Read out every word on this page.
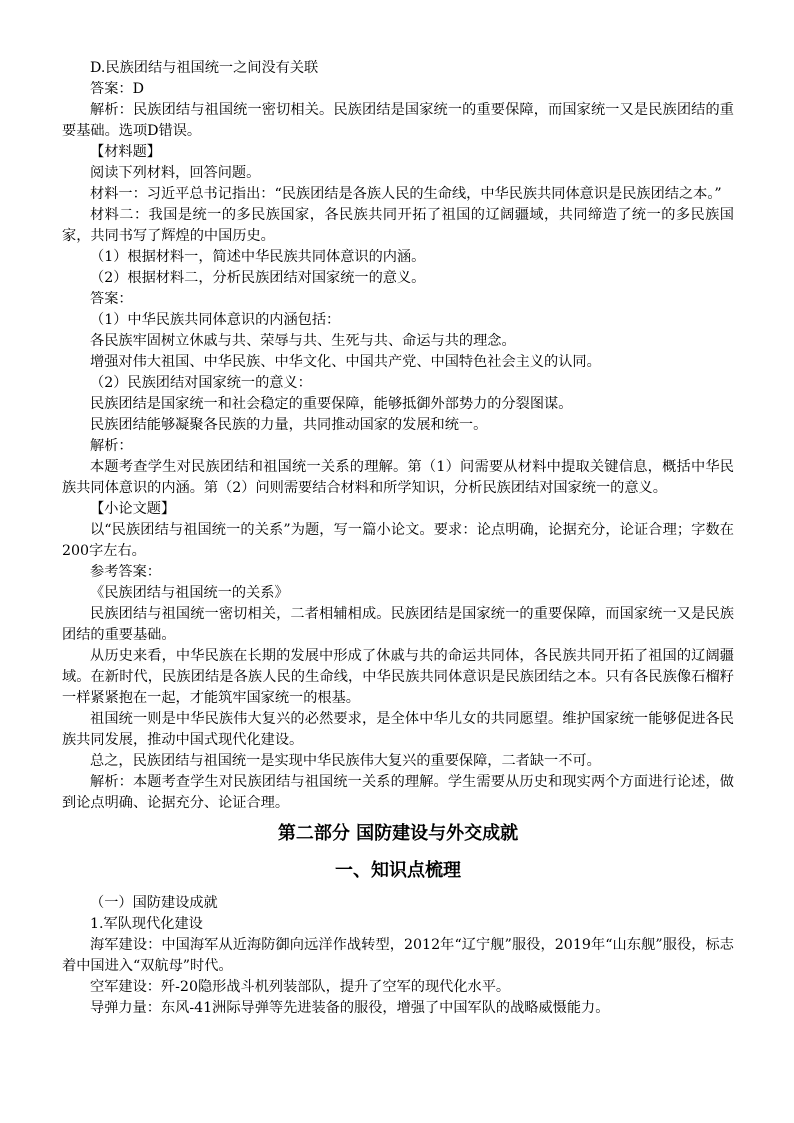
D.民族团结与祖国统一之间没有关联

答案：D

解析：民族团结与祖国统一密切相关。民族团结是国家统一的重要保障，而国家统一又是民族团结的重要基础。选项D错误。

【材料题】

阅读下列材料，回答问题。

材料一：习近平总书记指出：“民族团结是各族人民的生命线，中华民族共同体意识是民族团结之本。”

材料二：我国是统一的多民族国家，各民族共同开拓了祖国的辽阔疆域，共同缔造了统一的多民族国家，共同书写了辉煌的中国历史。

（1）根据材料一，简述中华民族共同体意识的内涵。

（2）根据材料二，分析民族团结对国家统一的意义。

答案：

（1）中华民族共同体意识的内涵包括：

各民族牢固树立休戚与共、荣辱与共、生死与共、命运与共的理念。

增强对伟大祖国、中华民族、中华文化、中国共产党、中国特色社会主义的认同。

（2）民族团结对国家统一的意义：

民族团结是国家统一和社会稳定的重要保障，能够抵御外部势力的分裂图谋。

民族团结能够凝聚各民族的力量，共同推动国家的发展和统一。

解析：

本题考查学生对民族团结和祖国统一关系的理解。第（1）问需要从材料中提取关键信息，概括中华民族共同体意识的内涵。第（2）问则需要结合材料和所学知识，分析民族团结对国家统一的意义。

【小论文题】

以“民族团结与祖国统一的关系”为题，写一篇小论文。要求：论点明确，论据充分，论证合理；字数在200字左右。

参考答案：

《民族团结与祖国统一的关系》

民族团结与祖国统一密切相关，二者相辅相成。民族团结是国家统一的重要保障，而国家统一又是民族团结的重要基础。

从历史来看，中华民族在长期的发展中形成了休戚与共的命运共同体，各民族共同开拓了祖国的辽阔疆域。在新时代，民族团结是各族人民的生命线，中华民族共同体意识是民族团结之本。只有各民族像石榴籽一样紧紧抱在一起，才能筑牢国家统一的根基。

祖国统一则是中华民族伟大复兴的必然要求，是全体中华儿女的共同愿望。维护国家统一能够促进各民族共同发展，推动中国式现代化建设。

总之，民族团结与祖国统一是实现中华民族伟大复兴的重要保障，二者缺一不可。

解析：本题考查学生对民族团结与祖国统一关系的理解。学生需要从历史和现实两个方面进行论述，做到论点明确、论据充分、论证合理。

第二部分 国防建设与外交成就
一、知识点梳理

（一）国防建设成就

1.军队现代化建设

海军建设：中国海军从近海防御向远洋作战转型，2012年“辽宁舰”服役，2019年“山东舰”服役，标志着中国进入“双航母”时代。

空军建设：歼-20隐形战斗机列装部队，提升了空军的现代化水平。

导弹力量：东风-41洲际导弹等先进装备的服役，增强了中国军队的战略威慑能力。
